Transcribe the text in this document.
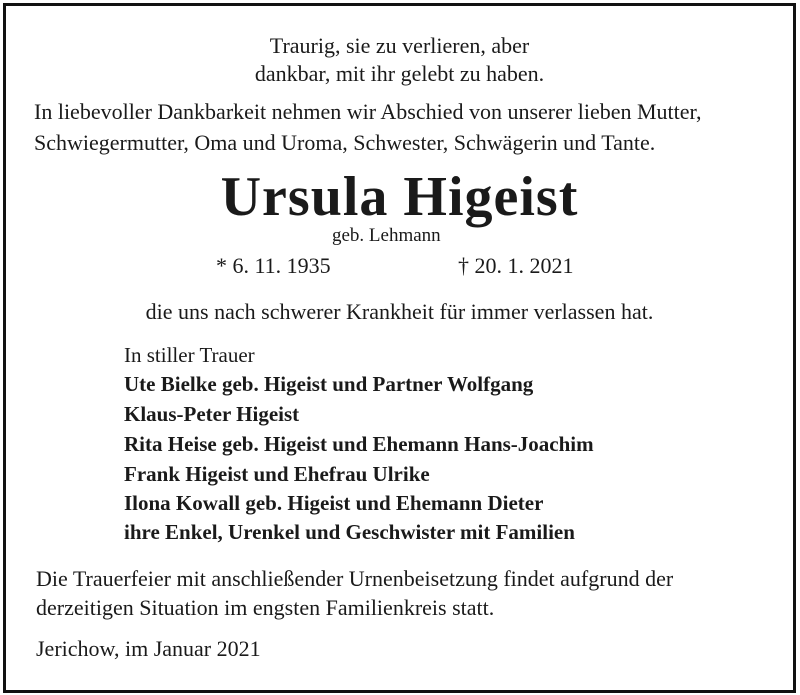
Traurig, sie zu verlieren, aber
dankbar, mit ihr gelebt zu haben.
In liebevoller Dankbarkeit nehmen wir Abschied von unserer lieben Mutter,
Schwiegermutter, Oma und Uroma, Schwester, Schwägerin und Tante.
Ursula Higeist
geb. Lehmann
* 6. 11. 1935	† 20. 1. 2021
die uns nach schwerer Krankheit für immer verlassen hat.
In stiller Trauer
Ute Bielke geb. Higeist und Partner Wolfgang
Klaus-Peter Higeist
Rita Heise geb. Higeist und Ehemann Hans-Joachim
Frank Higeist und Ehefrau Ulrike
Ilona Kowall geb. Higeist und Ehemann Dieter
ihre Enkel, Urenkel und Geschwister mit Familien
Die Trauerfeier mit anschließender Urnenbeisetzung findet aufgrund der
derzeitigen Situation im engsten Familienkreis statt.
Jerichow, im Januar 2021
